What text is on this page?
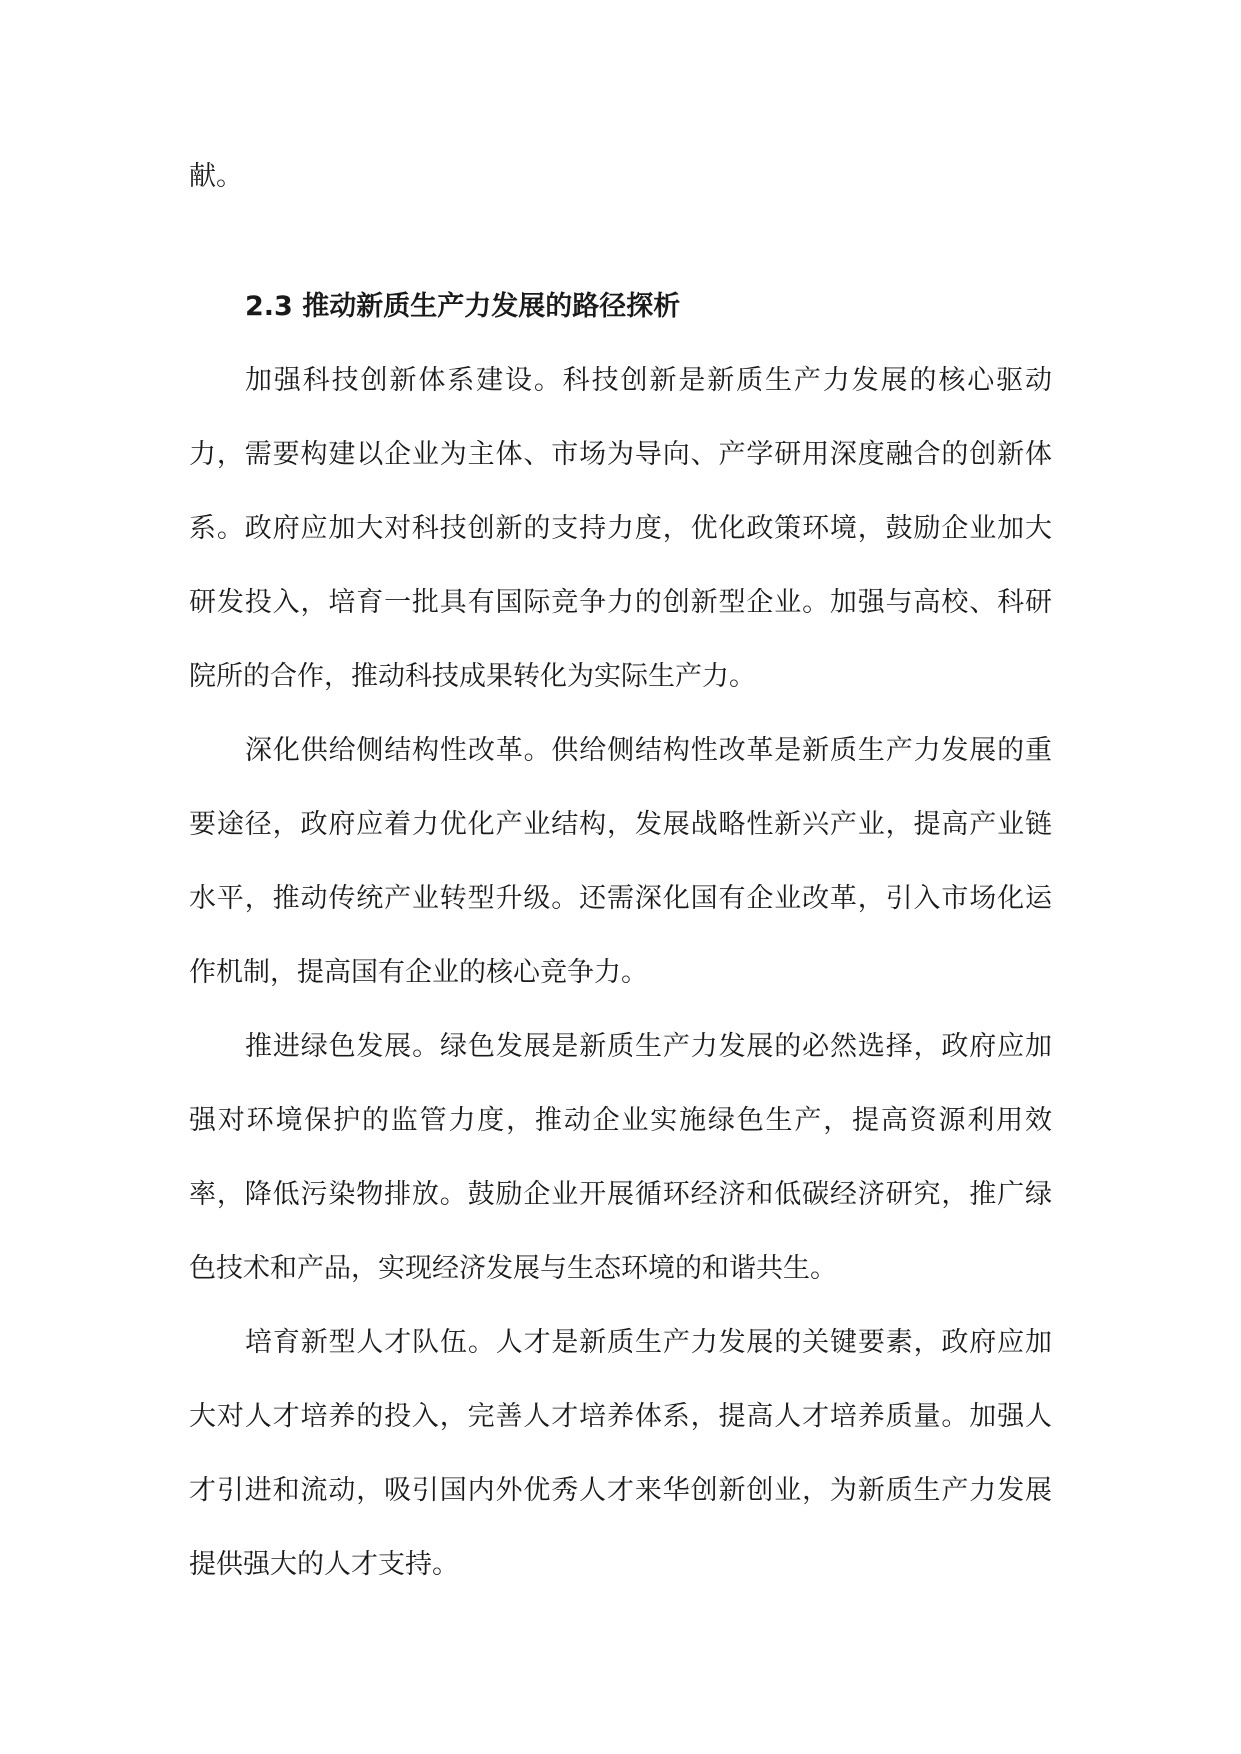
献。

2.3 推动新质生产力发展的路径探析

加强科技创新体系建设。科技创新是新质生产力发展的核心驱动力，需要构建以企业为主体、市场为导向、产学研用深度融合的创新体系。政府应加大对科技创新的支持力度，优化政策环境，鼓励企业加大研发投入，培育一批具有国际竞争力的创新型企业。加强与高校、科研院所的合作，推动科技成果转化为实际生产力。

深化供给侧结构性改革。供给侧结构性改革是新质生产力发展的重要途径，政府应着力优化产业结构，发展战略性新兴产业，提高产业链水平，推动传统产业转型升级。还需深化国有企业改革，引入市场化运作机制，提高国有企业的核心竞争力。

推进绿色发展。绿色发展是新质生产力发展的必然选择，政府应加强对环境保护的监管力度，推动企业实施绿色生产，提高资源利用效率，降低污染物排放。鼓励企业开展循环经济和低碳经济研究，推广绿色技术和产品，实现经济发展与生态环境的和谐共生。

培育新型人才队伍。人才是新质生产力发展的关键要素，政府应加大对人才培养的投入，完善人才培养体系，提高人才培养质量。加强人才引进和流动，吸引国内外优秀人才来华创新创业，为新质生产力发展提供强大的人才支持。
